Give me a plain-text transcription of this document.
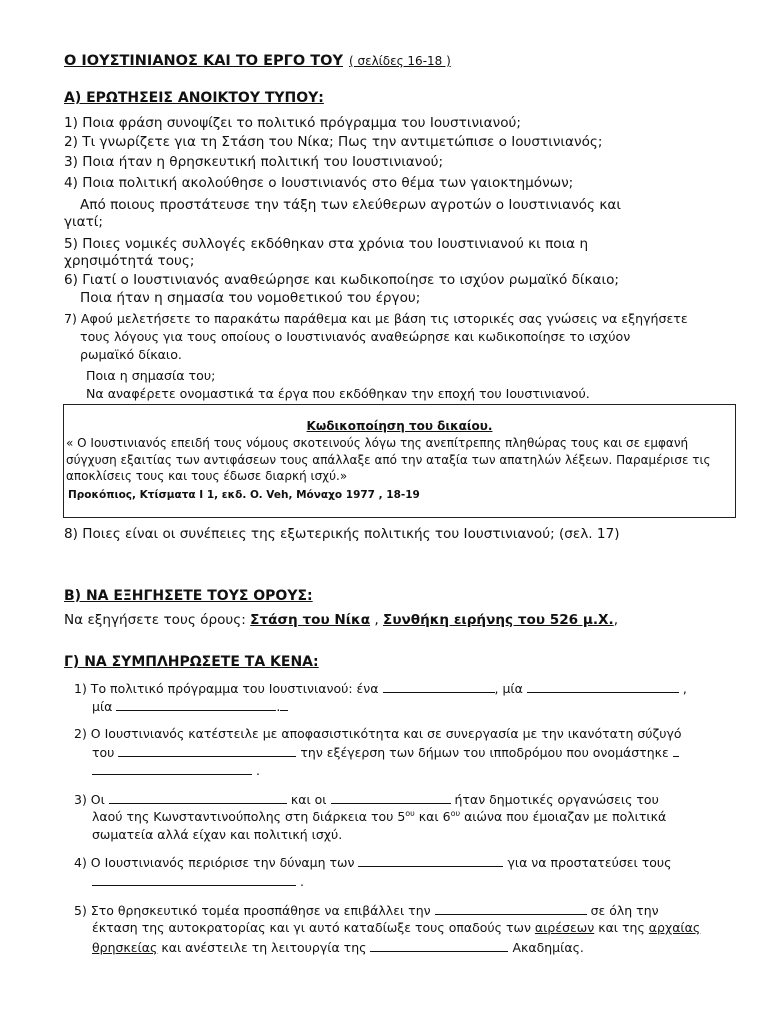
Ο ΙΟΥΣΤΙΝΙΑΝΟΣ ΚΑΙ ΤΟ ΕΡΓΟ ΤΟΥ ( σελίδες 16-18 )
Α) ΕΡΩΤΗΣΕΙΣ ΑΝΟΙΚΤΟΥ ΤΥΠΟΥ:
1) Ποια φράση συνοψίζει το πολιτικό πρόγραμμα του Ιουστινιανού;
2) Τι γνωρίζετε για τη Στάση του Νίκα; Πως την αντιμετώπισε ο Ιουστινιανός;
3) Ποια ήταν η θρησκευτική πολιτική του Ιουστινιανού;
4) Ποια πολιτική ακολούθησε ο Ιουστινιανός στο θέμα των γαιοκτημόνων;
Από ποιους προστάτευσε την τάξη των ελεύθερων αγροτών ο Ιουστινιανός και
γιατί;
5) Ποιες νομικές συλλογές εκδόθηκαν στα χρόνια του Ιουστινιανού κι ποια η
χρησιμότητά τους;
6) Γιατί ο Ιουστινιανός αναθεώρησε και κωδικοποίησε το ισχύον ρωμαϊκό δίκαιο;
Ποια ήταν η σημασία του νομοθετικού του έργου;
7) Αφού μελετήσετε το παρακάτω παράθεμα και με βάση τις ιστορικές σας γνώσεις να εξηγήσετε
τους λόγους για τους οποίους ο Ιουστινιανός αναθεώρησε και κωδικοποίησε το ισχύον
ρωμαϊκό δίκαιο.
Ποια η σημασία του;
Να αναφέρετε ονομαστικά τα έργα που εκδόθηκαν την εποχή του Ιουστινιανού.
Κωδικοποίηση του δικαίου.
« Ο Ιουστινιανός επειδή τους νόμους σκοτεινούς λόγω της ανεπίτρεπης πληθώρας τους και σε εμφανή σύγχυση εξαιτίας των αντιφάσεων τους απάλλαξε από την αταξία των απατηλών λέξεων. Παραμέρισε τις αποκλίσεις τους και τους έδωσε διαρκή ισχύ.»
Προκόπιος, Κτίσματα Ι 1, εκδ. O. Veh, Μόναχο 1977 , 18-19
8) Ποιες είναι οι συνέπειες της εξωτερικής πολιτικής του Ιουστινιανού; (σελ. 17)
Β) ΝΑ ΕΞΗΓΗΣΕΤΕ ΤΟΥΣ ΟΡΟΥΣ:
Να εξηγήσετε τους όρους: Στάση του Νίκα , Συνθήκη ειρήνης του 526 μ.Χ.,
Γ) ΝΑ ΣΥΜΠΛΗΡΩΣΕΤΕ ΤΑ ΚΕΝΑ:
1) Το πολιτικό πρόγραμμα του Ιουστινιανού: ένα	, μία	,
μία	.
2) Ο Ιουστινιανός κατέστειλε με αποφασιστικότητα και σε συνεργασία με την ικανότατη σύζυγό
του	την εξέγερση των δήμων του ιπποδρόμου που ονομάστηκε
.
3) Οι	και οι	ήταν δημοτικές οργανώσεις του
λαού της Κωνσταντινούπολης στη διάρκεια του $5^{o\upsilon}$ και $6^{o\upsilon}$ αιώνα που έμοιαζαν με πολιτικά
σωματεία αλλά είχαν και πολιτική ισχύ.
4) Ο Ιουστινιανός περιόρισε την δύναμη των	για να προστατεύσει τους
.
5) Στο θρησκευτικό τομέα προσπάθησε να επιβάλλει την	σε όλη την
έκταση της αυτοκρατορίας και γι αυτό καταδίωξε τους οπαδούς των αιρέσεων και της αρχαίας
θρησκείας και ανέστειλε τη λειτουργία της	Ακαδημίας.
